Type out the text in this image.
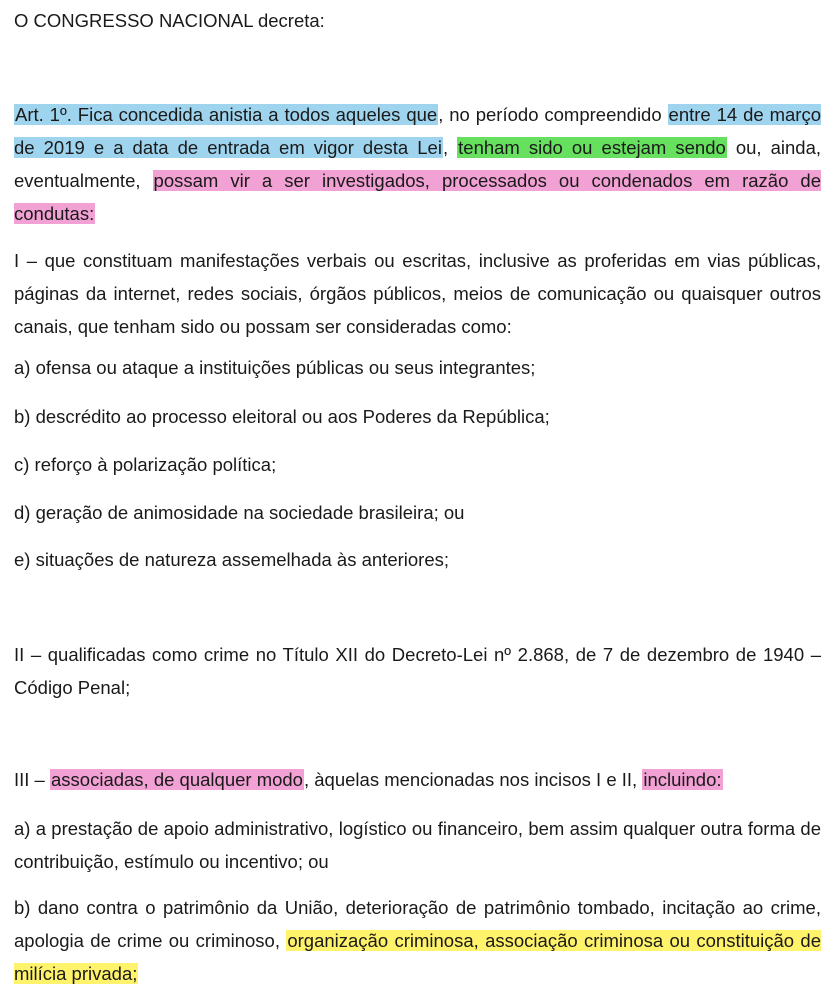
O CONGRESSO NACIONAL decreta:

Art. 1º. Fica concedida anistia a todos aqueles que, no período compreendido entre 14 de março de 2019 e a data de entrada em vigor desta Lei, tenham sido ou estejam sendo ou, ainda, eventualmente, possam vir a ser investigados, processados ou condenados em razão de condutas:

I – que constituam manifestações verbais ou escritas, inclusive as proferidas em vias públicas, páginas da internet, redes sociais, órgãos públicos, meios de comunicação ou quaisquer outros canais, que tenham sido ou possam ser consideradas como:

a) ofensa ou ataque a instituições públicas ou seus integrantes;

b) descrédito ao processo eleitoral ou aos Poderes da República;

c) reforço à polarização política;

d) geração de animosidade na sociedade brasileira; ou

e) situações de natureza assemelhada às anteriores;

II – qualificadas como crime no Título XII do Decreto-Lei nº 2.868, de 7 de dezembro de 1940 – Código Penal;

III – associadas, de qualquer modo, àquelas mencionadas nos incisos I e II, incluindo:

a) a prestação de apoio administrativo, logístico ou financeiro, bem assim qualquer outra forma de contribuição, estímulo ou incentivo; ou

b) dano contra o patrimônio da União, deterioração de patrimônio tombado, incitação ao crime, apologia de crime ou criminoso, organização criminosa, associação criminosa ou constituição de milícia privada;
